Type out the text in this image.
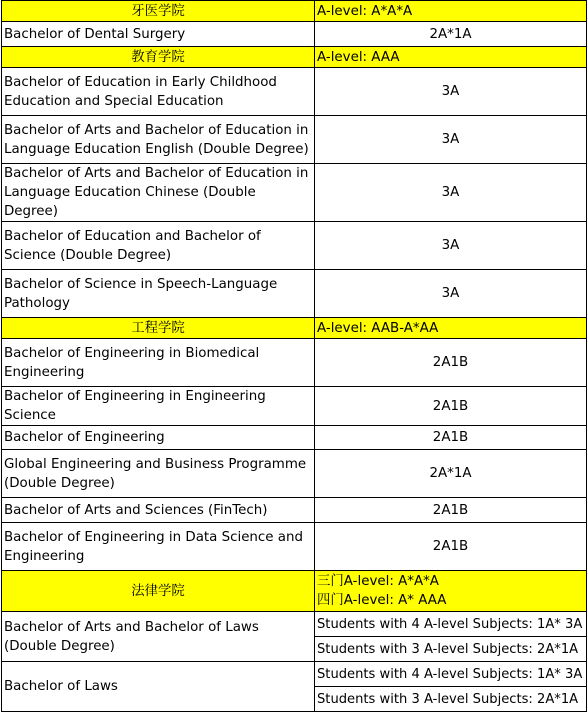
牙医学院	A-level: A*A*A
Bachelor of Dental Surgery	2A*1A
教育学院	A-level: AAA
Bachelor of Education in Early Childhood Education and Special Education	3A
Bachelor of Arts and Bachelor of Education in Language Education English (Double Degree)	3A
Bachelor of Arts and Bachelor of Education in Language Education Chinese (Double Degree)	3A
Bachelor of Education and Bachelor of Science (Double Degree)	3A
Bachelor of Science in Speech-Language Pathology	3A
工程学院	A-level: AAB-A*AA
Bachelor of Engineering in Biomedical Engineering	2A1B
Bachelor of Engineering in Engineering Science	2A1B
Bachelor of Engineering	2A1B
Global Engineering and Business Programme (Double Degree)	2A*1A
Bachelor of Arts and Sciences (FinTech)	2A1B
Bachelor of Engineering in Data Science and Engineering	2A1B
法律学院	三门A-level: A*A*A
四门A-level: A* AAA

Bachelor of Arts and Bachelor of Laws (Double Degree)	Students with 4 A-level Subjects: 1A* 3A
	Students with 3 A-level Subjects: 2A*1A
Bachelor of Laws	Students with 4 A-level Subjects: 1A* 3A
	Students with 3 A-level Subjects: 2A*1A
